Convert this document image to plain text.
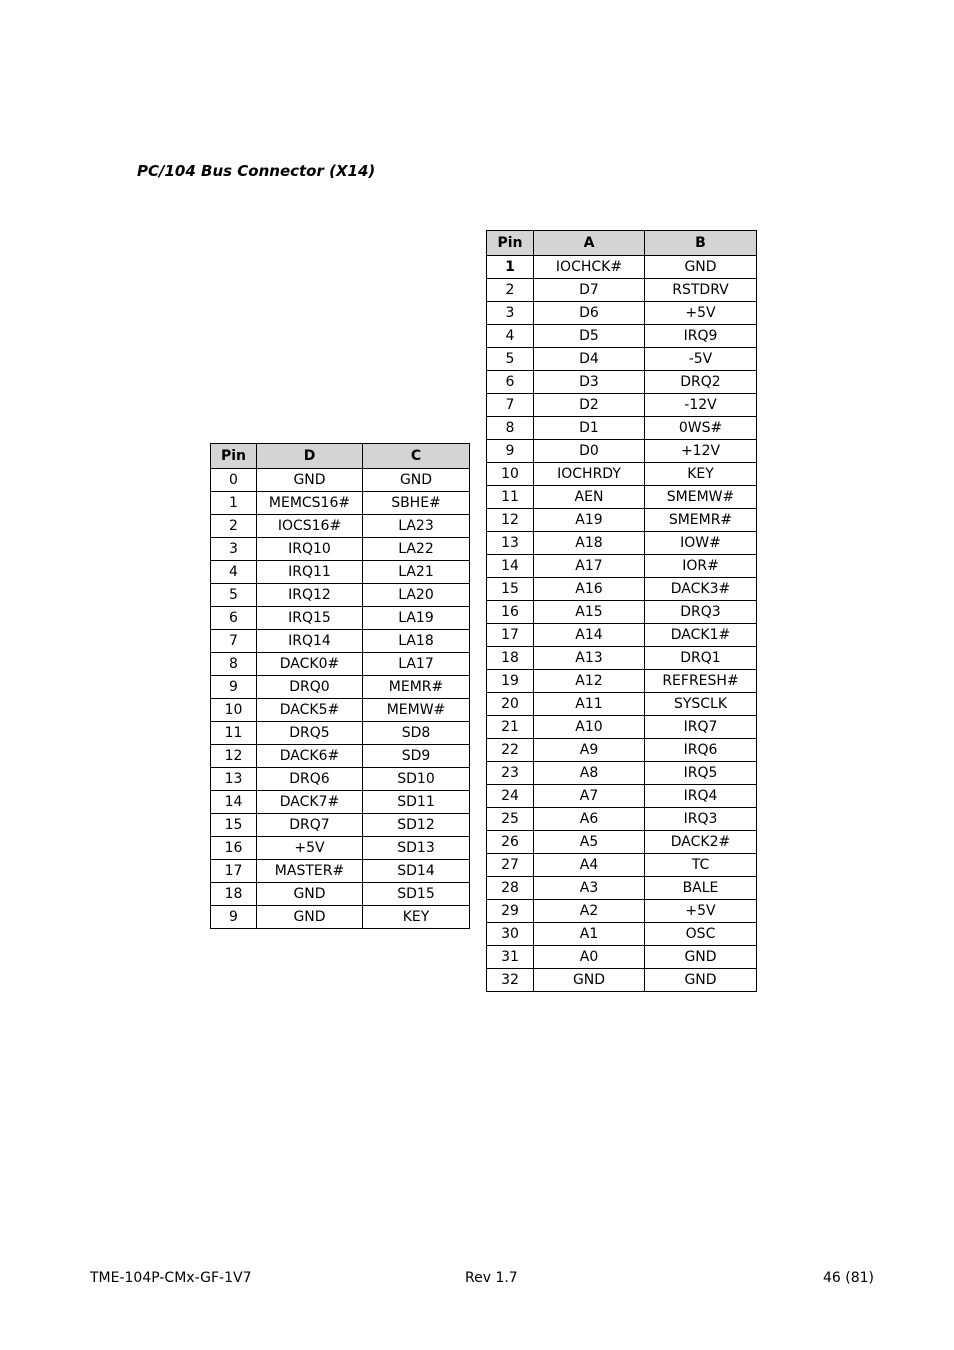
PC/104 Bus Connector (X14)
Pin	D	C
0	GND	GND
1	MEMCS16#	SBHE#
2	IOCS16#	LA23
3	IRQ10	LA22
4	IRQ11	LA21
5	IRQ12	LA20
6	IRQ15	LA19
7	IRQ14	LA18
8	DACK0#	LA17
9	DRQ0	MEMR#
10	DACK5#	MEMW#
11	DRQ5	SD8
12	DACK6#	SD9
13	DRQ6	SD10
14	DACK7#	SD11
15	DRQ7	SD12
16	+5V	SD13
17	MASTER#	SD14
18	GND	SD15
9	GND	KEY
Pin	A	B
1	IOCHCK#	GND
2	D7	RSTDRV
3	D6	+5V
4	D5	IRQ9
5	D4	-5V
6	D3	DRQ2
7	D2	-12V
8	D1	0WS#
9	D0	+12V
10	IOCHRDY	KEY
11	AEN	SMEMW#
12	A19	SMEMR#
13	A18	IOW#
14	A17	IOR#
15	A16	DACK3#
16	A15	DRQ3
17	A14	DACK1#
18	A13	DRQ1
19	A12	REFRESH#
20	A11	SYSCLK
21	A10	IRQ7
22	A9	IRQ6
23	A8	IRQ5
24	A7	IRQ4
25	A6	IRQ3
26	A5	DACK2#
27	A4	TC
28	A3	BALE
29	A2	+5V
30	A1	OSC
31	A0	GND
32	GND	GND
TME-104P-CMx-GF-1V7	Rev 1.7	46 (81)
